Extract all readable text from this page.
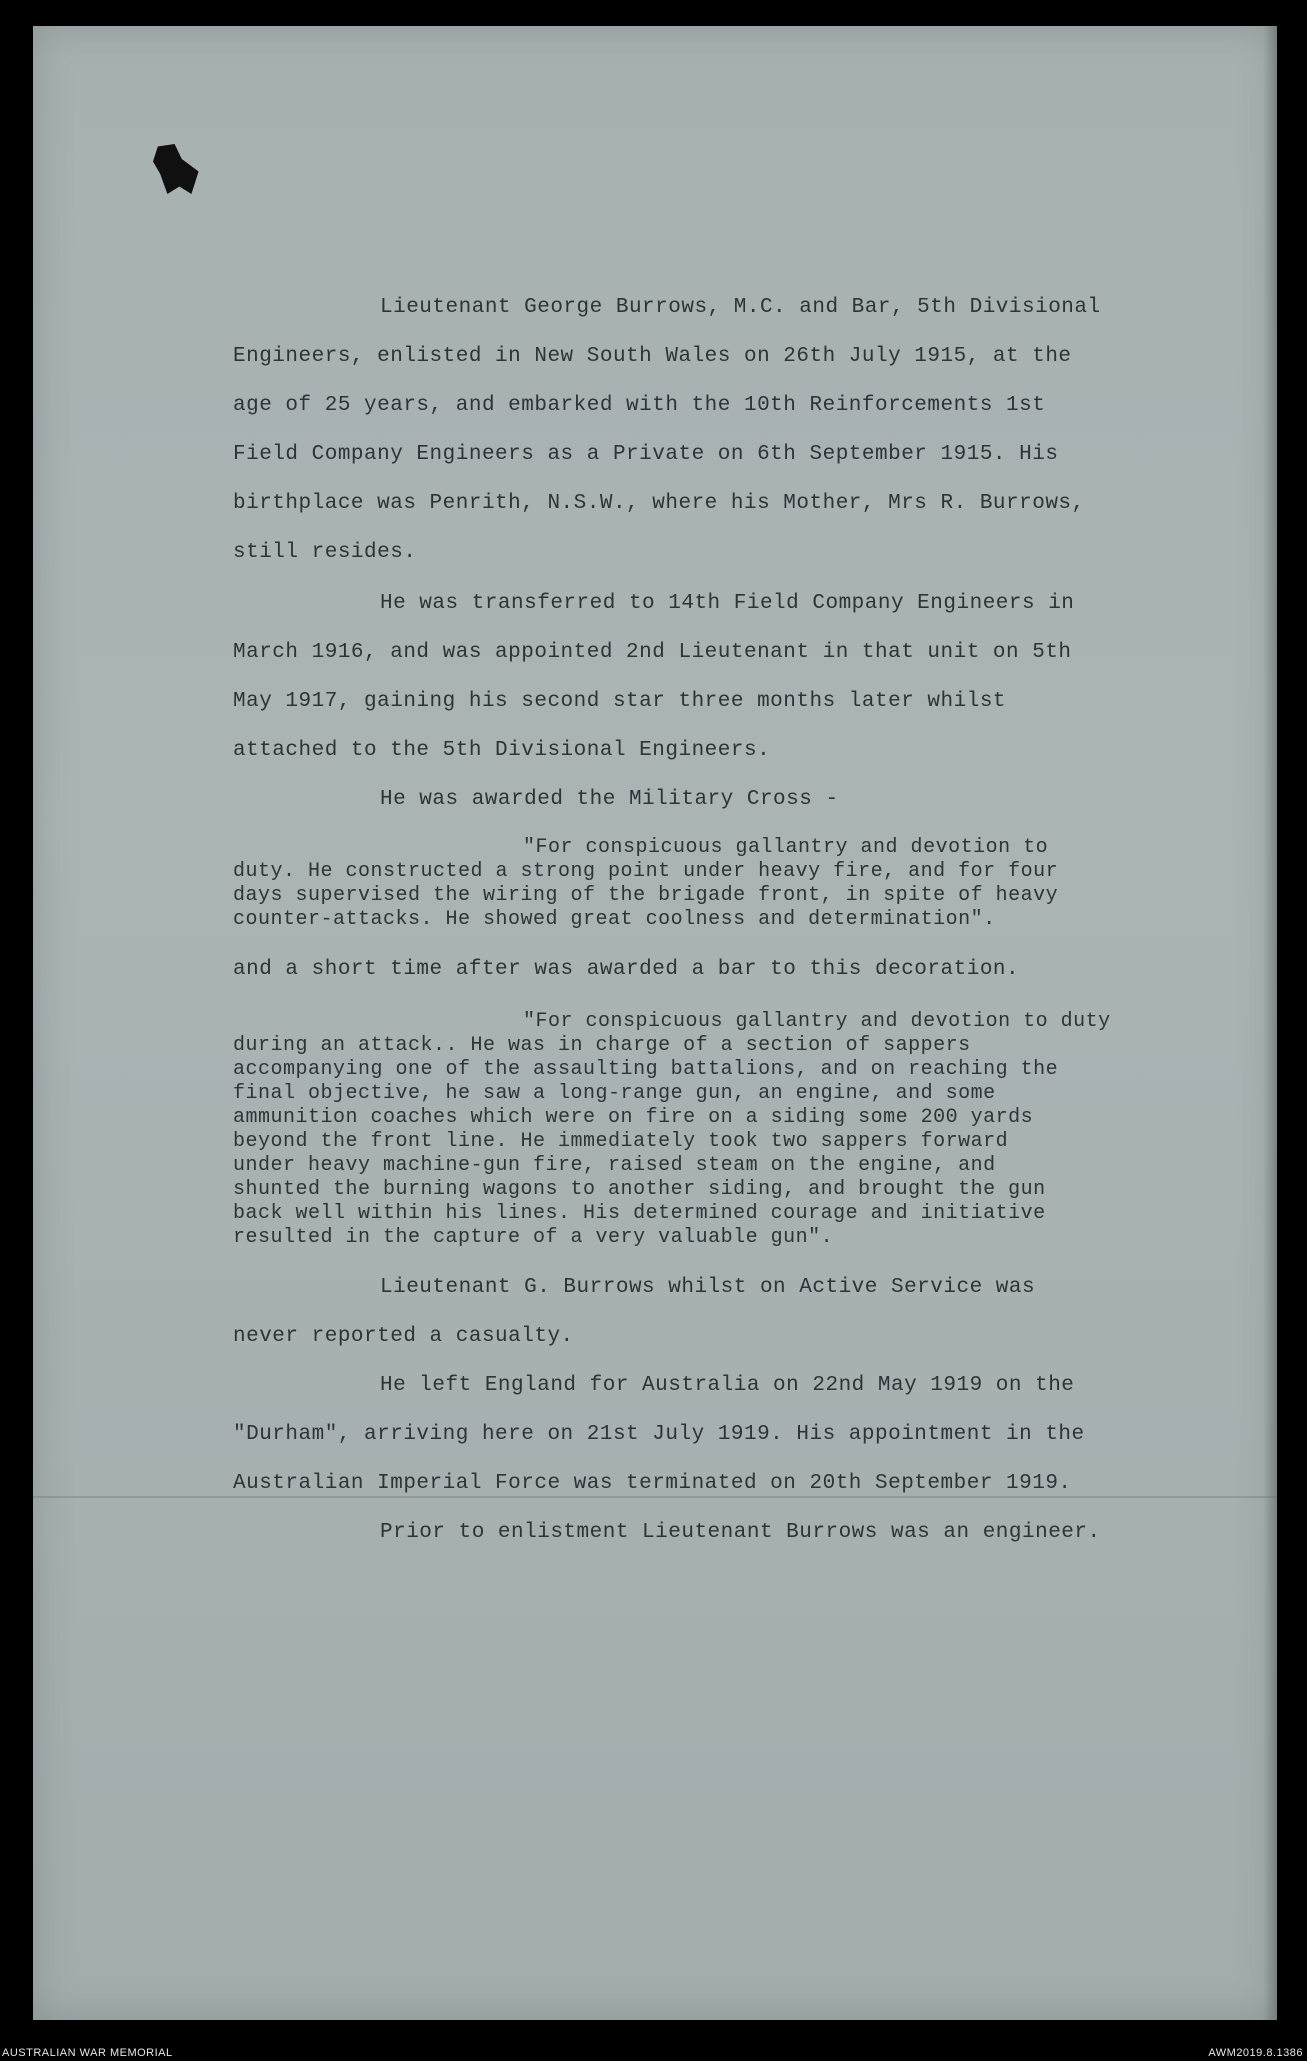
Lieutenant George Burrows, M.C. and Bar, 5th Divisional
Engineers, enlisted in New South Wales on 26th July 1915, at the
age of 25 years, and embarked with the 10th Reinforcements 1st
Field Company Engineers as a Private on 6th September 1915. His
birthplace was Penrith, N.S.W., where his Mother, Mrs R. Burrows,
still resides.
He was transferred to 14th Field Company Engineers in
March 1916, and was appointed 2nd Lieutenant in that unit on 5th
May 1917, gaining his second star three months later whilst
attached to the 5th Divisional Engineers.
He was awarded the Military Cross -
"For conspicuous gallantry and devotion to
duty. He constructed a strong point under heavy fire, and for four
days supervised the wiring of the brigade front, in spite of heavy
counter-attacks. He showed great coolness and determination".
and a short time after was awarded a bar to this decoration.
"For conspicuous gallantry and devotion to duty
during an attack.. He was in charge of a section of sappers
accompanying one of the assaulting battalions, and on reaching the
final objective, he saw a long-range gun, an engine, and some
ammunition coaches which were on fire on a siding some 200 yards
beyond the front line. He immediately took two sappers forward
under heavy machine-gun fire, raised steam on the engine, and
shunted the burning wagons to another siding, and brought the gun
back well within his lines. His determined courage and initiative
resulted in the capture of a very valuable gun".
Lieutenant G. Burrows whilst on Active Service was
never reported a casualty.
He left England for Australia on 22nd May 1919 on the
"Durham", arriving here on 21st July 1919. His appointment in the
Australian Imperial Force was terminated on 20th September 1919.
Prior to enlistment Lieutenant Burrows was an engineer.
AUSTRALIAN WAR MEMORIAL	AWM2019.8.1386
